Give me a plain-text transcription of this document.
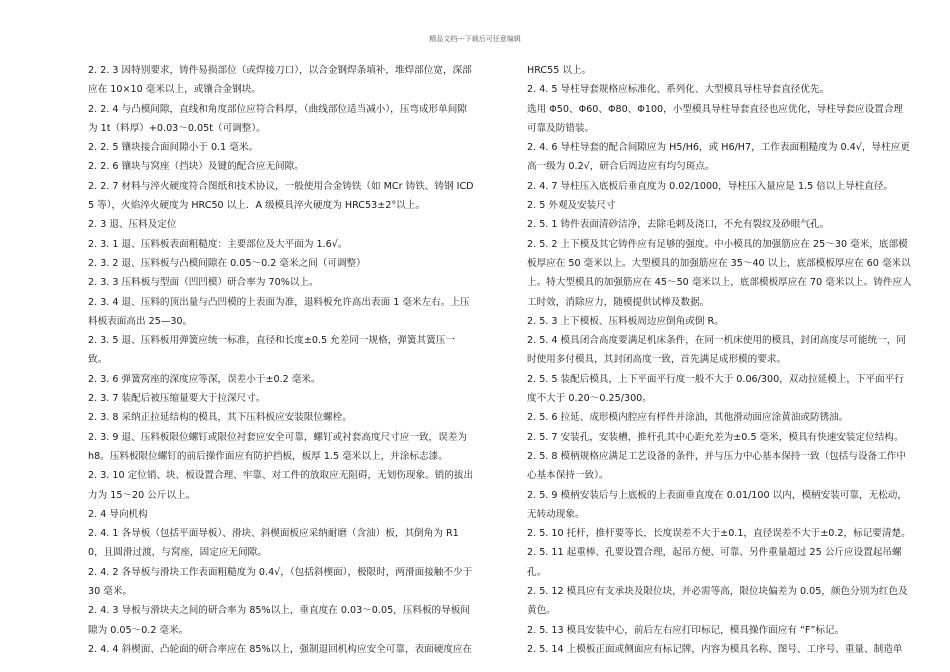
精品文档---下载后可任意编辑

2. 2. 3 因特别要求，铸件易损部位（或焊接刀口），以合金钢焊条填补，堆焊部位宽，深部应在 10×10 毫米以上，或镶合金钢块。

2. 2. 4 与凸模间隙，直线和角度部位应符合料厚，（曲线部位适当减小），压弯成形单间隙为 1t（料厚）+0.03～0.05t（可调整）。

2. 2. 5 镶块接合面间隙小于 0.1 毫米。

2. 2. 6 镶块与窝座（挡块）及键的配合应无间隙。

2. 2. 7 材料与淬火硬度符合图纸和技术协议，一般使用合金铸铁（如 MCr 铸铁、铸钢 ICD5 等），火焰淬火硬度为 HRC50 以上．A 级模具淬火硬度为 HRC53±2°以上。

2. 3 退、压料及定位

2. 3. 1 退、压料板表面粗糙度：主要部位及大平面为 1.6√。

2. 3. 2 退、压料板与凸模间隙在 0.05～0.2 毫米之间（可调整）

2. 3. 3 压料板与型面（凹凹模）研合率为 70%以上。

2. 3. 4 退、压料的顶出量与凸凹模的上表面为准，退料板允许高出表面 1 毫米左右。上压料板表面高出 25—30。

2. 3. 5 退、压料板用弹簧应统一标准，直径和长度±0.5 允差同一规格，弹簧其簧压一致。

2. 3. 6 弹簧窝座的深度应等深，误差小于±0.2 毫米。

2. 3. 7 装配后被压缩量要大于拉深尺寸。

2. 3. 8 采纳正拉延结构的模具，其下压料板应安装限位螺栓。

2. 3. 9 退、压料板限位螺钉或限位衬套应安全可靠，螺钉或衬套高度尺寸应一致，误差为 h8。压料板限位螺钉的前后操作面应有防护挡板，板厚 1.5 毫米以上，并涂标志漆。

2. 3. 10 定位销、块、板设置合理、牢靠、对工件的放取应无阻碍，无划伤现象。销的拔出力为 15～20 公斤以上。

2. 4 导向机构

2. 4. 1 各导板（包括平面导板）、滑块、斜楔面板应采纳耐磨（含油）板，其倒角为 R10，且圆滑过渡，与窝座，固定应无间隙。

2. 4. 2 各导板与滑块工作表面粗糙度为 0.4√，（包括斜楔面），极限时，两滑面接触不少于 30 毫米。

2. 4. 3 导板与滑块夫之间的研合率为 85%以上，垂直度在 0.03～0.05，压料板的导板间隙为 0.05～0.2 毫米。

2. 4. 4 斜楔面、凸轮面的研合率应在 85%以上，强制退回机构应安全可靠，表面硬度应在

HRC55 以上。

2. 4. 5 导柱导套规格应标准化、系列化、大型模具导柱导套直径优先。

选用 Φ50、Φ60、Φ80、Φ100，小型模具导柱导套直径也应优化，导柱导套应设置合理可靠及防错装。

2. 4. 6 导柱导套的配合间隙应为 H5/H6，或 H6/H7，工作表面粗糙度为 0.4√，导柱应更高一级为 0.2√，研合后周边应有均匀斑点。

2. 4. 7 导柱压入底板后垂直度为 0.02/1000，导柱压入量应是 1.5 倍以上导柱直径。

2. 5 外观及安装尺寸

2. 5. 1 铸件表面清砂洁净，去除毛刺及浇口，不允有裂纹及砂眼气孔。

2. 5. 2 上下模及其它铸件应有足够的强度。中小模具的加强筋应在 25～30 毫米，底部模板厚应在 50 毫米以上。大型模具的加强筋应在 35～40 以上，底部模板厚应在 60 毫米以上。特大型模具的加强筋应在 45～50 毫米以上，底部模板厚应在 70 毫米以上。铸件应人工时效，消除应力，随模提供试棒及数据。

2. 5. 3 上下模板、压料板周边应倒角或倒 R。

2. 5. 4 模具闭合高度要满足机床条件，在同一机床使用的模具，封闭高度尽可能统一，同时使用多付模具，其封闭高度一致，首先满足成形模的要求。

2. 5. 5 装配后模具，上下平面平行度一般不大于 0.06/300，双动拉延模上，下平面平行度不大于 0.20～0.25/300。

2. 5. 6 拉延、成形模内腔应有样件并涂油，其他滑动面应涂黄油或防锈油。

2. 5. 7 安装孔，安装槽，推杆孔其中心距允差为±0.5 毫米，模具有快速安装定位结构。

2. 5. 8 模柄规格应满足工艺设备的条件，并与压力中心基本保持一致（包括与设备工作中心基本保持一致）。

2. 5. 9 模柄安装后与上底板的上表面垂直度在 0.01/100 以内，模柄安装可靠，无松动，无转动现象。

2. 5. 10 托杆，推杆要等长，长度误差不大于±0.1，直径误差不大于±0.2，标记要清楚。

2. 5. 11 起重棒、孔要设置合理，起吊方便、可靠、另件重量超过 25 公斤应设置起吊螺孔。

2. 5. 12 模具应有支承块及限位块，并必需等高，限位块偏差为 0.05，颜色分别为红色及黄色。

2. 5. 13 模具安装中心，前后左右应打印标记，模具操作面应有 “F”标记。

2. 5. 14 上模板正面或侧面应有标记牌，内容为模具名称、图号、工序号、重量、制造单
